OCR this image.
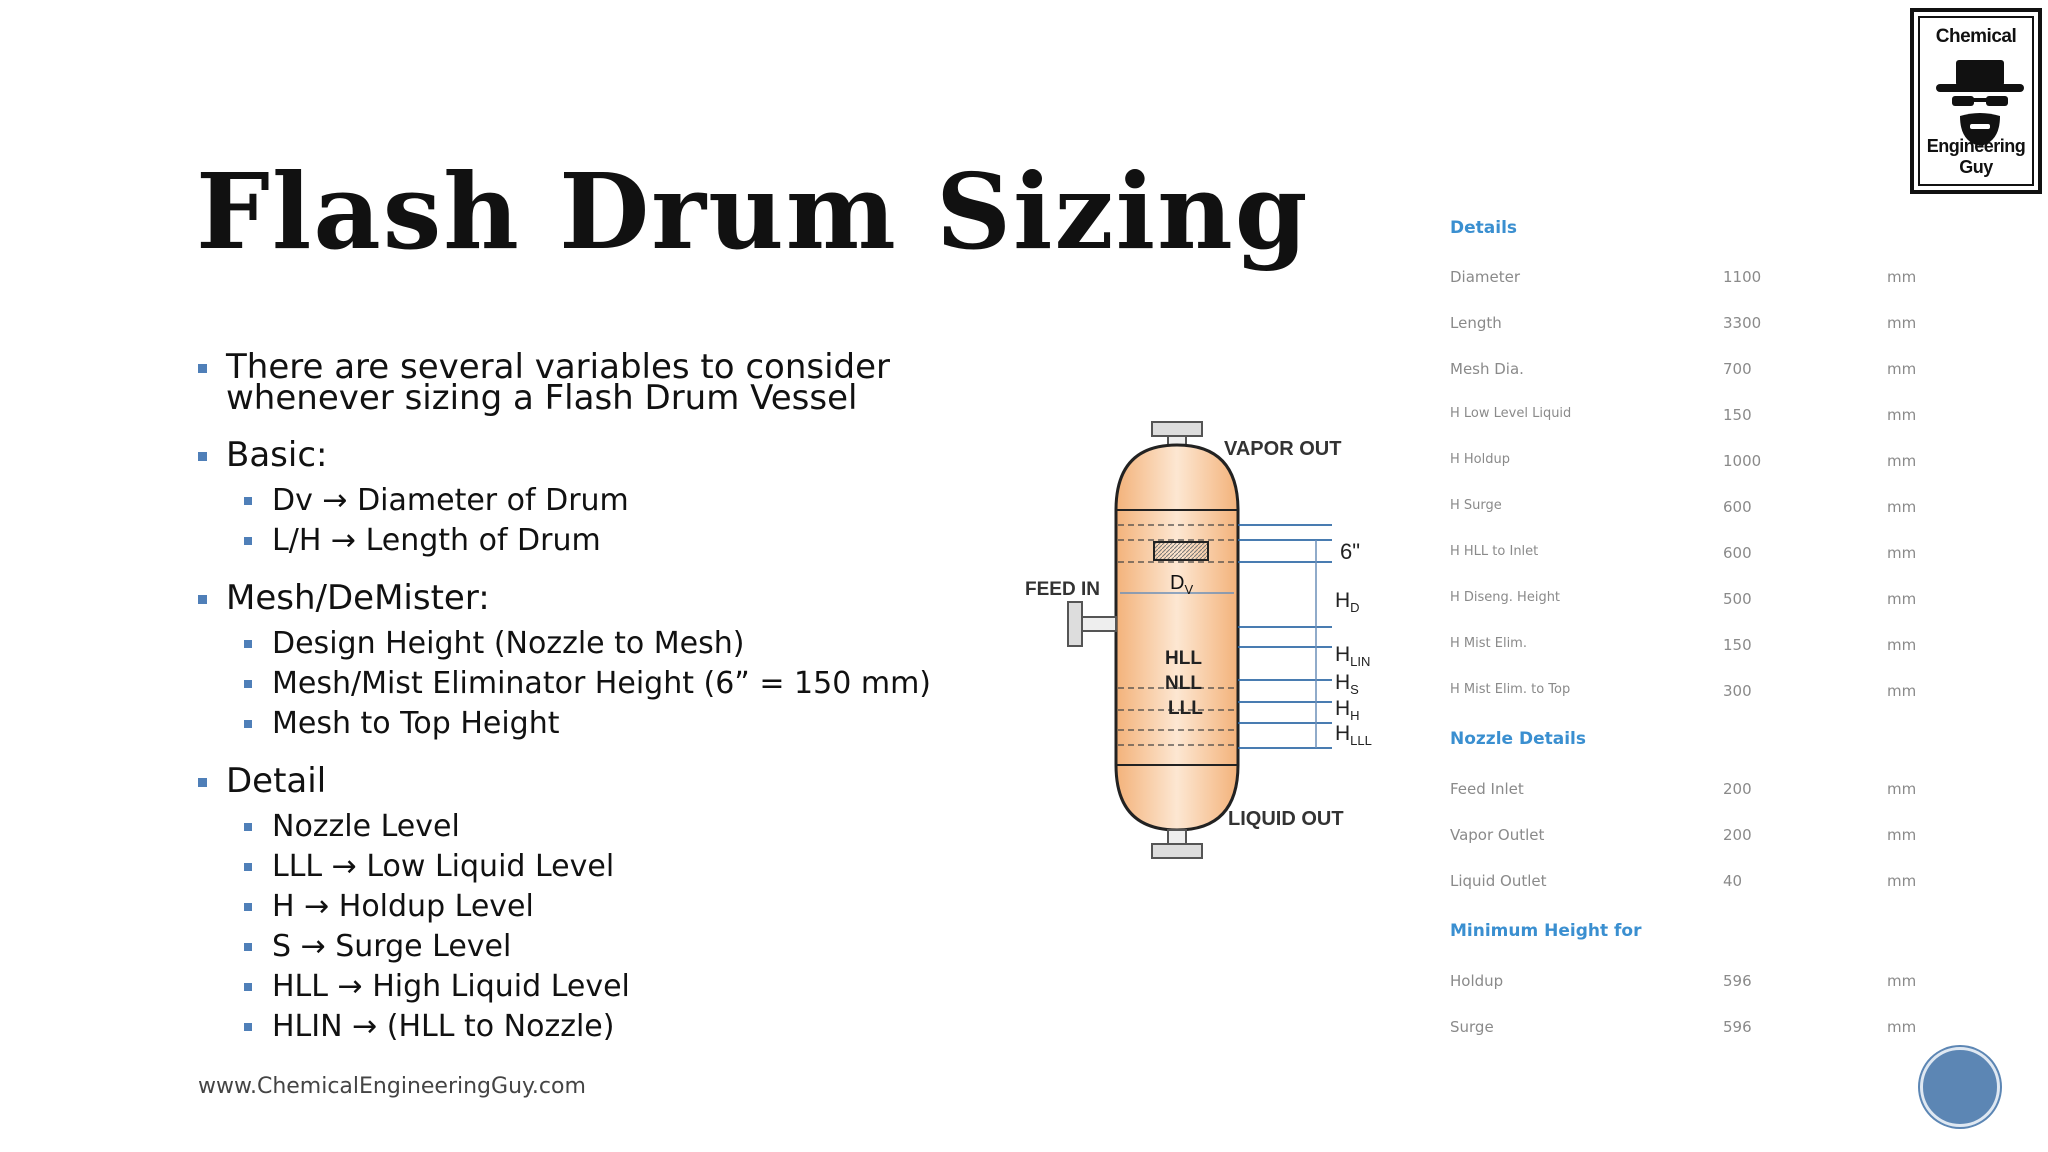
Flash Drum Sizing
Chemical
Engineering Guy
There are several variables to consider whenever sizing a Flash Drum Vessel
Basic:
Dv → Diameter of Drum
L/H → Length of Drum
Mesh/DeMister:
Design Height (Nozzle to Mesh)
Mesh/Mist Eliminator Height (6” = 150 mm)
Mesh to Top Height
Detail
Nozzle Level
LLL → Low Liquid Level
H → Holdup Level
S → Surge Level
HLL → High Liquid Level
HLIN → (HLL to Nozzle)
www.ChemicalEngineeringGuy.com
$D_V$
HLL
NLL
LLL
VAPOR OUT
LIQUID OUT
FEED IN
6"
$H_D$
$H_{LIN}$
$H_S$
$H_H$
$H_{LLL}$
Details
Diameter	1100	mm
Length	3300	mm
Mesh Dia.	700	mm
H Low Level Liquid	150	mm
H Holdup	1000	mm
H Surge	600	mm
H HLL to Inlet	600	mm
H Diseng. Height	500	mm
H Mist Elim.	150	mm
H Mist Elim. to Top	300	mm
Nozzle Details
Feed Inlet	200	mm
Vapor Outlet	200	mm
Liquid Outlet	40	mm
Minimum Height for
Holdup	596	mm
Surge	596	mm
